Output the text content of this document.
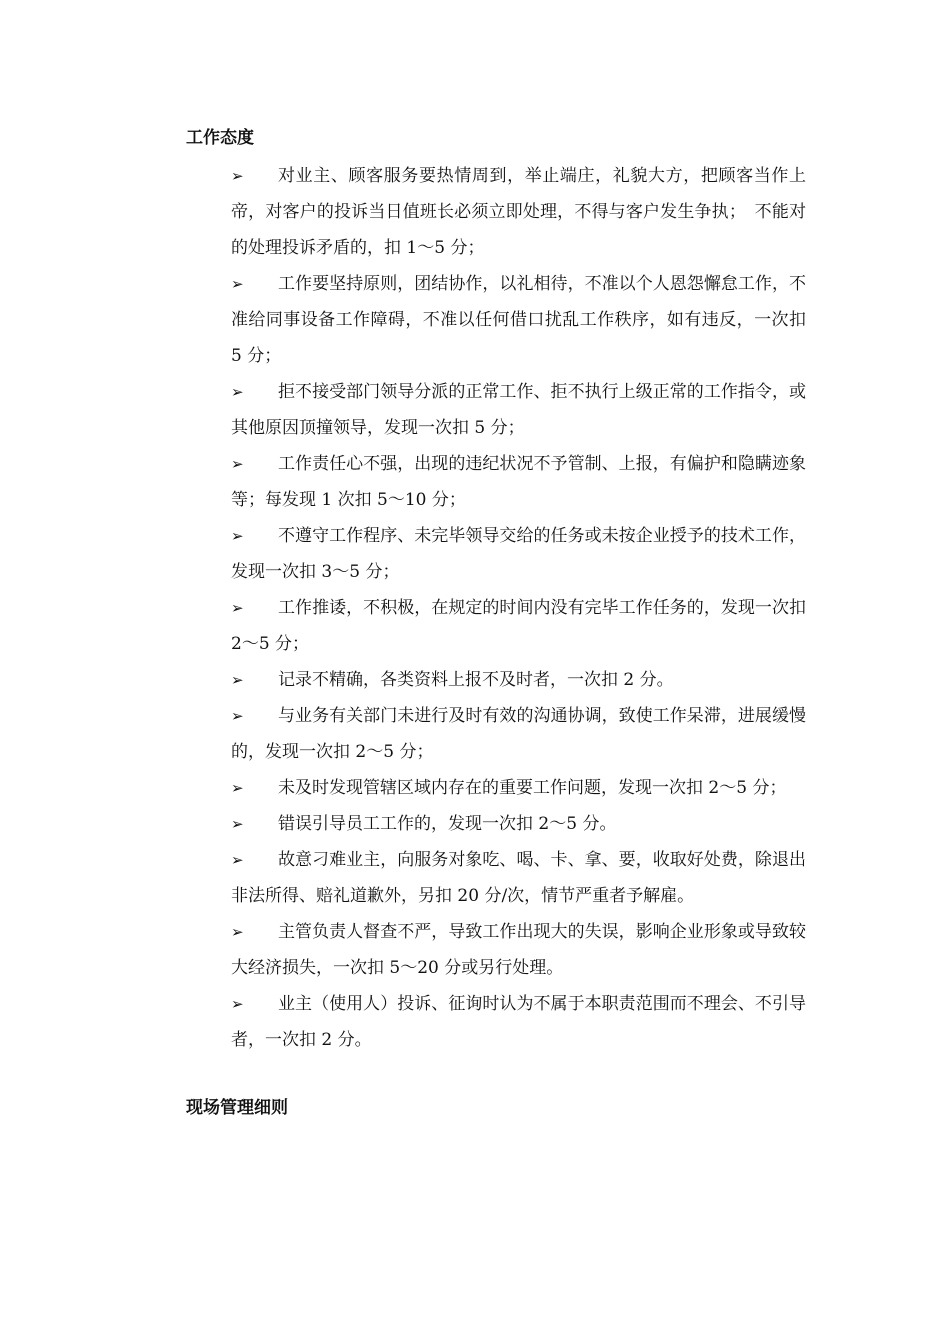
工作态度
➢ 对业主、顾客服务要热情周到，举止端庄，礼貌大方，把顾客当作上帝，对客户的投诉当日值班长必须立即处理，不得与客户发生争执；　不能对的处理投诉矛盾的，扣 1～5 分；
➢ 工作要坚持原则，团结协作，以礼相待，不准以个人恩怨懈怠工作，不准给同事设备工作障碍，不准以任何借口扰乱工作秩序，如有违反，一次扣 5 分；
➢ 拒不接受部门领导分派的正常工作、拒不执行上级正常的工作指令，或其他原因顶撞领导，发现一次扣 5 分；
➢ 工作责任心不强，出现的违纪状况不予管制、上报，有偏护和隐瞒迹象等；每发现 1 次扣 5～10 分；
➢ 不遵守工作程序、未完毕领导交给的任务或未按企业授予的技术工作，发现一次扣 3～5 分；
➢ 工作推诿，不积极，在规定的时间内没有完毕工作任务的，发现一次扣 2～5 分；
➢ 记录不精确，各类资料上报不及时者，一次扣 2 分。
➢ 与业务有关部门未进行及时有效的沟通协调，致使工作呆滞，进展缓慢的，发现一次扣 2～5 分；
➢ 未及时发现管辖区域内存在的重要工作问题，发现一次扣 2～5 分；
➢ 错误引导员工工作的，发现一次扣 2～5 分。
➢ 故意刁难业主，向服务对象吃、喝、卡、拿、要，收取好处费，除退出非法所得、赔礼道歉外，另扣 20 分/次，情节严重者予解雇。
➢ 主管负责人督查不严，导致工作出现大的失误，影响企业形象或导致较大经济损失，一次扣 5～20 分或另行处理。
➢ 业主（使用人）投诉、征询时认为不属于本职责范围而不理会、不引导者，一次扣 2 分。
现场管理细则
